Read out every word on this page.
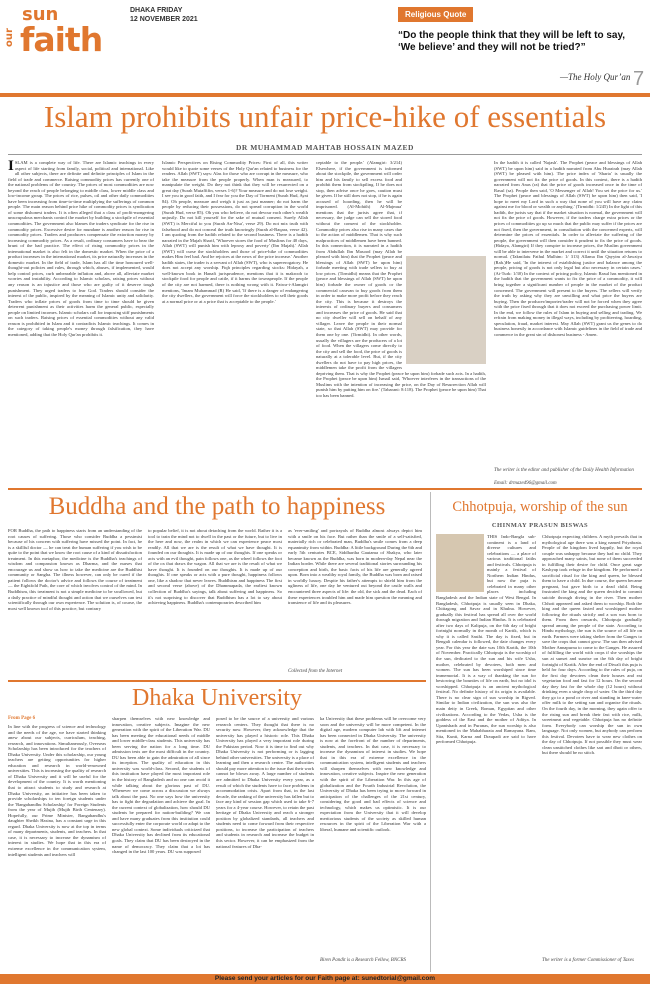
our
sun
faith
DHAKA FRIDAY
12 NOVEMBER 2021
Religious Quote
“Do the people think that they will be left to say, ‘We believe’ and they will not be tried?”
—The Holy Qur’an 7
Islam prohibits unfair price-hike of essentials
DR MUHAMMAD MAHTAB HOSSAIN MAZED
ISLAM is a complete way of life. There are Islamic teachings in every aspect of life starting from family, social, political and international. Like all other subjects, there are definite and definite principles of Islam in the field of trade and commerce. Raising commodity prices has currently one of the national problems of the country. The prices of most commodities are now beyond the reach of people belonging to middle class, lower middle class and low-income group. The prices of rice, pulses, oil and other daily commodities have been increasing from time-to-time multiplying the sufferings of common people. The main reason behind price hike of commodity prices is syndication of some dishonest traders. It is often alleged that a class of profit-mongering unscrupulous merchants control the market by building a stockpile of essential commodities. The government also blames the traders syndicate for the rise in commodity prices. Excessive desire for mundane is another reason for rise in commodity prices. Traders and producers compensate the extortion money by increasing commodity prices. As a result, ordinary consumers have to bear the brunt of the bad practice. The effect of rising commodity prices in the international market is also felt in the domestic market. When the price of a product increases in the international market, its price naturally increases in the domestic market. In the field of trade, Islam has all the time honoured well-thought-out policies and rules, through which, abuses, if implemented, would help control prices, curb unbearable inflation and, above all, alleviate market worries and instability. According to Islamic scholars, raising prices without any reason is an injustice and those who are guilty of it deserve tough punishment. They urged traders to fear God. Traders should consider the interest of the public, inspired by the meaning of Islamic unity and solidarity. Traders who inflate prices of goods from time to time should be given deterrent punishment as their activities harm the general public, especially people on limited incomes. Islamic scholars call for imposing stiff punishments on such traders. Raising prices of essential commodities without any valid reason is prohibited in Islam and it contradicts Islamic teachings. It comes in the category of taking people's money through falsification, they have mentioned, adding that the Holy Qur'an prohibits it.
Islamic Perspectives on Rising Commodity Prices: First of all, this writer would like to quote some verses of the Holy Qur'an related to business for the readers. Allah (SWT) says: Alas for those who are corrupt in the measure, who take the measure from the people properly. When man is measured, to manipulate the weight. Do they not think that they will be resurrected on a great day (Surah Mutaffifin, verses 1-6)? Your measure and do not lose weight. I see you in good faith, and I fear for you the Day of Torment (Surah Hud, Ayat 84). Oh people, measure and weigh it just as just manner; do not harm the people by reducing their possessions, do not spread corruption in the world (Surah Hud, verse 85). Oh you who believe, do not devour each other's wealth unjustly. Do not kill yourself for the sake of mutual consent. Surely Allah (SWT) is Merciful to you (Surah An-Nisa', verse 29). Do not mix truth with falsehood and do not conceal the truth knowingly (Surah al-Baqara, verse 42). I am quoting from the hadith related to the second business. There is a hadith narrated in the Majah Sharif, 'Whoever stores the food of Muslims for 40 days, Allah (SWT) will punish him with leprosy and poverty' (Ibn Majah).' Allah (SWT) will curse the stockholders and those of price-hike of commodities makes Him feel bad. And he rejoices at the news of the price increase.' Another hadith states, the trader is a servant of Allah (SWT), who is supererogatory. He does not accept any worship. Fiqh principles regarding stocks: Hidayah, a well-known book in Hanafi jurisprudence, mentions that it is makrooh to stockpile food for people and cattle, if it harms the townspeople. If the people of the city are not harmed, there is nothing wrong with it. Fatwa-i-Alamgiri mentions, 'Imam Muhammad (R) He said, 'If there is a danger of endangering the city dwellers, the government will force the stockholders to sell their goods at a normal price or at a price that is acceptable to the people.'
ceptable to the people.' (Alamgiri: 3/214) Elsewhere, if the government is informed about the stockpile, the government will order him and his family to sell excess food and prohibit them from stockpiling. If he does not stop, then advise once he goes, caution must be given. If he still does not stop, if he is again accused of hoarding, then he will be imprisoned. (Al-Mohith) Al-Majmua' mentions that the jurists agree that, if necessary, the judge can sell the stored food without the consent of the stockholder. Commodity prices also rise in many cases due to the action of middlemen. That is why such malpractices of middlemen have been banned. In this connection, it is narrated in a hadith from Abdullah Ibn Masood (may Allah be pleased with him) that the Prophet (peace and blessings of Allah (SWT) be upon him) forbade meeting with trade sellers to buy at low prices. (Tirmidhi) means that the Prophet (peace and blessings of Allah (SWT) be upon him) forbade the owner of goods or the commercial caravan to buy goods from them in order to make more profit before they reach the city. This is because it destroys the interests of ordinary buyers and consumers and increases the price of goods. He said that no city dweller will sell on behalf of any villager. Leave the people in their normal state, so that Allah (SWT) may provide for them one by one. (Tirmidhi). In other words, usually the villagers are the producers of a lot of food. When the villagers come directly to the city and sell the food, the price of goods is naturally at a tolerable level. But, if the city dwellers do not have to pay high prices, the middlemen take the profit from the villagers depriving them. That is why the Prophet (peace be upon him) forbade such acts. In a hadith, the Prophet (peace be upon him) Ismail said, 'Whoever interferes in the transactions of the Muslims with the intention of increasing the price, on the Day of Resurrection Allah will punish him by putting him on fire.' (Tabarani: 8:118). The Prophet (peace be upon him) That too has been banned.
In the hadith it is called 'Najash'. The Prophet (peace and blessings of Allah (SWT) be upon him) said in a hadith narrated from Abu Hurairah (may Allah (SWT) be pleased with him). The price index of 'Sharia' is usually the government will not fix the price of goods. In this context, there is a hadith narrated from Anas (ra) that the price of goods increased once in the time of Rasul (sa). People then said, 'O Messenger of Allah! You set the price for us.' The Prophet (peace and blessings of Allah (SWT) be upon him) then said, 'I hope to meet my Lord in such a way that none of you will have any claim against me for blood or wealth or anything.' (Tirmidhi: 1/245) In the light of this hadith, the jurists say that if the market situation is normal, the government will not fix the price of goods. However, if the traders charge extra prices or the prices of commodities go up so much that the public may suffer if the prices are not fixed, then the government, in consultation with the concerned experts, will determine the prices of essentials. In order to alleviate the suffering of the people, the government will then consider it prudent to fix the price of goods. (Hidaya, Alamgiri) If they conspire to increase prices, the Muslim government will be able to intervene in the market and correct it until the situation returns to normal. (Takmilatu Fathul Mulhim: 1/ 313) Allama Ibn Qayyim al-Jawziya (Rah.)He said, 'In the interest of establishing justice and balance among the people, pricing of goods is not only legal but also necessary in certain cases.' (At-Turk: 1/30) In the context of pricing policy, Islamic Rasul has mentioned in the hadith that the government wants to fix the price of a commodity, it will bring together a significant number of people in the market of the product concerned. The government will present to the buyers. The sellers will verify the truth by asking why they are unwilling and what price the buyers are buying. Then the producer/importer/trader will not be forced when they agree with the price fixed through that it does not exceed the purchasing power limit. In the end, we follow the rules of Islam in buying and selling and trading. We refrain from making money in illegal ways, including by profiteering, hoarding, speculation, fraud, market interest. May Allah (SWT) grant us the genes to do business honestly in accordance with Islamic guidelines in the field of trade and commerce in the great sin of dishonest business - Amen.
The writer is the editor and publisher of the Daily Health Information
Email: drmazed96@gmail.com
Buddha and the path to happiness
FOR Buddha, the path to happiness starts from an understanding of the root causes of suffering. Those who consider Buddha a pessimist because of his concern with suffering have missed the point. In fact, he is a skillful doctor — he can treat the human suffering if you wish to be quite to the point that we know the root cause of a kind of dissatisfaction treatment. In this metaphor, the medicine is the Buddha's teachings of wisdom and compassion known as Dharma, and the nurses that encourage us and show us how to take the medicine are the Buddhist community or Sangha. The illness however, can only be cured if the patient follows the doctor's advice and follows the course of treatment — the Eightfold Path, the core of which involves control of the mind. In Buddhism, this treatment is not a simple medicine to be swallowed, but a daily practice of mindful thought and action that we ourselves can test scientifically through our own experience. The solution is, of course, the most well known tool of this practice, but contrary
to popular belief, it is not about detaching from the world. Rather it is a tool to train the mind not to dwell in the past or the future, but to live in the here and now, the realm in which we can experience peace most readily. All that we are is the result of what we have thought. It is founded on our thoughts. It is made up of our thoughts. If one speaks or acts with an evil thought, pain follows one, as the wheel follows the foot of the ox that draws the wagon. All that we are is the result of what we have thought. It is founded on our thoughts. It is made up of our thoughts. If one speaks or acts with a pure thought, happiness follows one, like a shadow that never leaves. Buddhism and happiness The first and second verse (above) of the Dhammapada, the earliest known collection of Buddha's sayings, talk about suffering and happiness. So it's not surprising to discover that Buddhism has a lot to say about achieving happiness. Buddha's contemporaries described him
as 'ever-smiling' and portrayals of Buddha almost always depict him with a smile on his face. But rather than the smile of a self-satisfied, materially rich or celebrated man, Buddha's smile comes from a deep equanimity from within. Buddha: A little background During the 6th and early 5th centuries BCE, Siddhartha Gautama of Shakya, who later became known as the Buddha, was born in modern-day Nepal near the Indian border. While there are several traditional stories surrounding his conception and birth, the basic facts of his life are generally agreed upon. Born into a wealthy royal family, the Buddha was born and raised in worldly luxury. Despite his father's attempts to shield him from the ugliness of life, one day he ventured out beyond the castle walls and encountered three aspects of life: the old, the sick and the dead. Each of these experiences troubled him and made him question the meaning and transience of life and its pleasures.
Collected from the Internet
Chhotpuja, worship of the sun
CHINMAY PRASUN BISWAS
THIS Indo-Bangla sub-continent is a land of diverse cultures and celebrations — a place of various traditional faiths and festivals. Chhotpuja is mainly a festival of Northern Indian Hindus, but now the puja is celebrated in many other places including Bangladesh and the Indian state of West Bengal. In Bangladesh, Chhotpuja is usually seen in Dhaka, Chittagong and Savar and in Khulna. However, gradually this festival has spread all over the world through migration and Indian Hindus. It is celebrated after two days of Kalipuja, on the 6th day of bright fortnight normally in the month of Kartik, which is why it is called Sasthi. The day is fixed, but in Bengali calendar is followed, the date changes every year. For this year the date was 10th Kartik, the 10th of November. Practically Chhotpuja is the worship of the sun, dedicated to the sun and his wife Usha, mother, celebrated by devotees, both men and women. The sun has been worshiped since time immemorial. It is a way of thanking the sun for bestowing the bounties of life on earth, but no idol is worshipped. Chhotpuja is an ancient mythological festival. No definite history of its origin is available. There is no clear sign of sun worship in Rigved. Similar to Indian civilization, the sun was also the main deity in Greek, Roman, Egyptian and other civilizations. According to the Vedas, Usha is the goddess of the East and the mother of Aditya. In Upanishads and in Puranas, the sun worship is also mentioned in the Mahabharata and Ramayana. Ram, Sita, Kunti, Karna and Draupadi are said to have performed Chhotpuja.
Chhotpuja expecting children. A myth prevails that in mythological age there was a king named Priyabrata. People of the kingdom lived happily, but the royal couple was unhappy because they had no child. They approached many saints, but none of them succeeded in fulfilling their desire for child. Once great sage Kashyap took refuge in the kingdom. He performed a sacrificial ritual for the king and queen, he blessed them to have a child. In due course, the queen became pregnant, but gave birth to a dead child. Being frustrated the king and the queen decided to commit suicide through diving in the river. Then mother Chhoti appeared and asked them to worship. Both the king and the queen fasted and worshipped mother following the rituals strictly and a son was born to them. From then onwards, Chhotpuja gradually spread among the people of the state. According to Hindu mythology, the sun is the source of all life on earth. Farmers were taking shelter from the Ganges to save the crops that cannot grow. The sun then advised Mother Annapurna to come to the Ganges. He assured of fulfilling the world with crops if she worships the sun at sunset and sunrise on the 6th day of bright fortnight of Kartik. After the end of Diwali this puja is held for four days. According to the rules of puja, on the first day devotees clean their houses and eat vegetarian food and fast for 12 hours. On the second day they fast for the whole day (12 hours) without drinking even a single drop of water. On the third day they go to a pond or river and standing in knee-water offer milk to the setting sun and organise the rituals. On the fourth day, in the morning, they again offer to the rising sun and break their fast with rice, milk, sweetmeat and vegetable. Chhotpuja has no definite form. Everybody can worship the sun in own language. Not only women, but anybody can perform this festival. Devotees have to wear new clothes on the day of Chhotpuja. If not possible they must wear clean unstitched clothes like sari and dhoti or others, but there should be no stitch.
The writer is a former Commissioner of Taxes
Dhaka University
From Page 6
In line with the progress of science and technology and the needs of the age, we have started thinking anew about our subjects, curriculum, teaching, research, and innovations. Simultaneously, Overseas Scholarship has been introduced for the teachers of Dhaka University. Under this scholarship, our young teachers are getting opportunities for higher education and research in world-renowned universities. This is increasing the quality of research of Dhaka University and it will be useful for the development of the country. It is worth mentioning that to attract students to study and research at Dhaka University, an initiative has been taken to provide scholarships to ten foreign students under the 'Bangabandhu Scholarship' for Foreign Students from the year of Mujib (Mujib Birth Centenary). Hopefully, our Prime Minister, Bangabandhu's daughter Sheikh Hasina, has a constant urge in this regard. Dhaka University is now at the top in terms of many departments, students, and teachers. In that case, it is necessary to increase the dynamism of interest in studies. We hope that in this era of extreme excellence in the communication system, intelligent students and teachers will
sharpen themselves with new knowledge and innovation, creative subjects. Imagine the new generation with the spirit of the Liberation War. DU has been meeting the educational needs of middle and lower middle-class students. This university has been serving the nation for a long time. DU admission tests are the most difficult in the country. DU has been able to gain the admiration of all since its inception. The quality of education in this university was world-class. Second, the students of this institution have played the most important role in the history of Bangladesh and no one can avoid it while talking about the glorious past of DU. Whenever we come across a discussion we always talk about the past. No one says how the university has to fight the degradation and achieve the goal. In the current context of globalization, how should DU students be prepared for nation-building? We can and have many graduates from this institution could successfully enter the corporate world or adapt to the new global context. Some individuals criticized that Dhaka University has declined from its educational goals. They claim that DU has been destroyed in the name of democracy. They claim that a lot has changed in the last 100 years. DU was supposed
posed to be the source of a university and various research centers. They thought that there is no security now. However, they acknowledge that the university has played a historic role. This Dhaka University has played a very important role during the Pakistan period. Now it is time to find out why Dhaka University is not performing or is lagging behind other universities. The university is a place of learning and then a research centre. The authorities should pay more attention to the issue that their work cannot be blown away. A large number of students are admitted to Dhaka University every year, as a result of which the students have to face problems in accommodation crisis. Apart from that, in the last decade, the ranking of the university has fallen but to face any kind of session gap which used to take 6-7 years for a 4-year course. However, to retain the past heritage of Dhaka University and reach a stronger position by globalized standards, all teachers and students need to come forward from their respective positions, to increase the participation of teachers and students in research and increase the budget in this sector. However, it can be emphasized from the national features of Dha-
ka University that these problems will be overcome very soon and the university will be more competent. In the digital age, modern computer lab with lift and internet has been connected in Dhaka University. The university is now at the forefront of the number of departments, students, and teachers. In that case, it is necessary to increase the dynamism of interest in studies. We hope that in this era of extreme excellence in the communication system, intelligent students and teachers will sharpen themselves with new knowledge and innovation, creative subjects. Inspire the new generation with the spirit of the Liberation War. In this age of globalization and the Fourth Industrial Revolution, the University of Dhaka has been trying to move forward in anticipation of the challenges of the 21st century, considering the good and bad effects of science and technology, which makes us optimistic. It is our expectation from the University that it will develop meritorious students of the society as skilled human resources in the spirit of the Liberation War with a liberal, humane and scientific outlook.
Biren Pandit is a Research Fellow, BNCRS
Please send your articles for our Faith page at: sunedtorial@gmail.com
